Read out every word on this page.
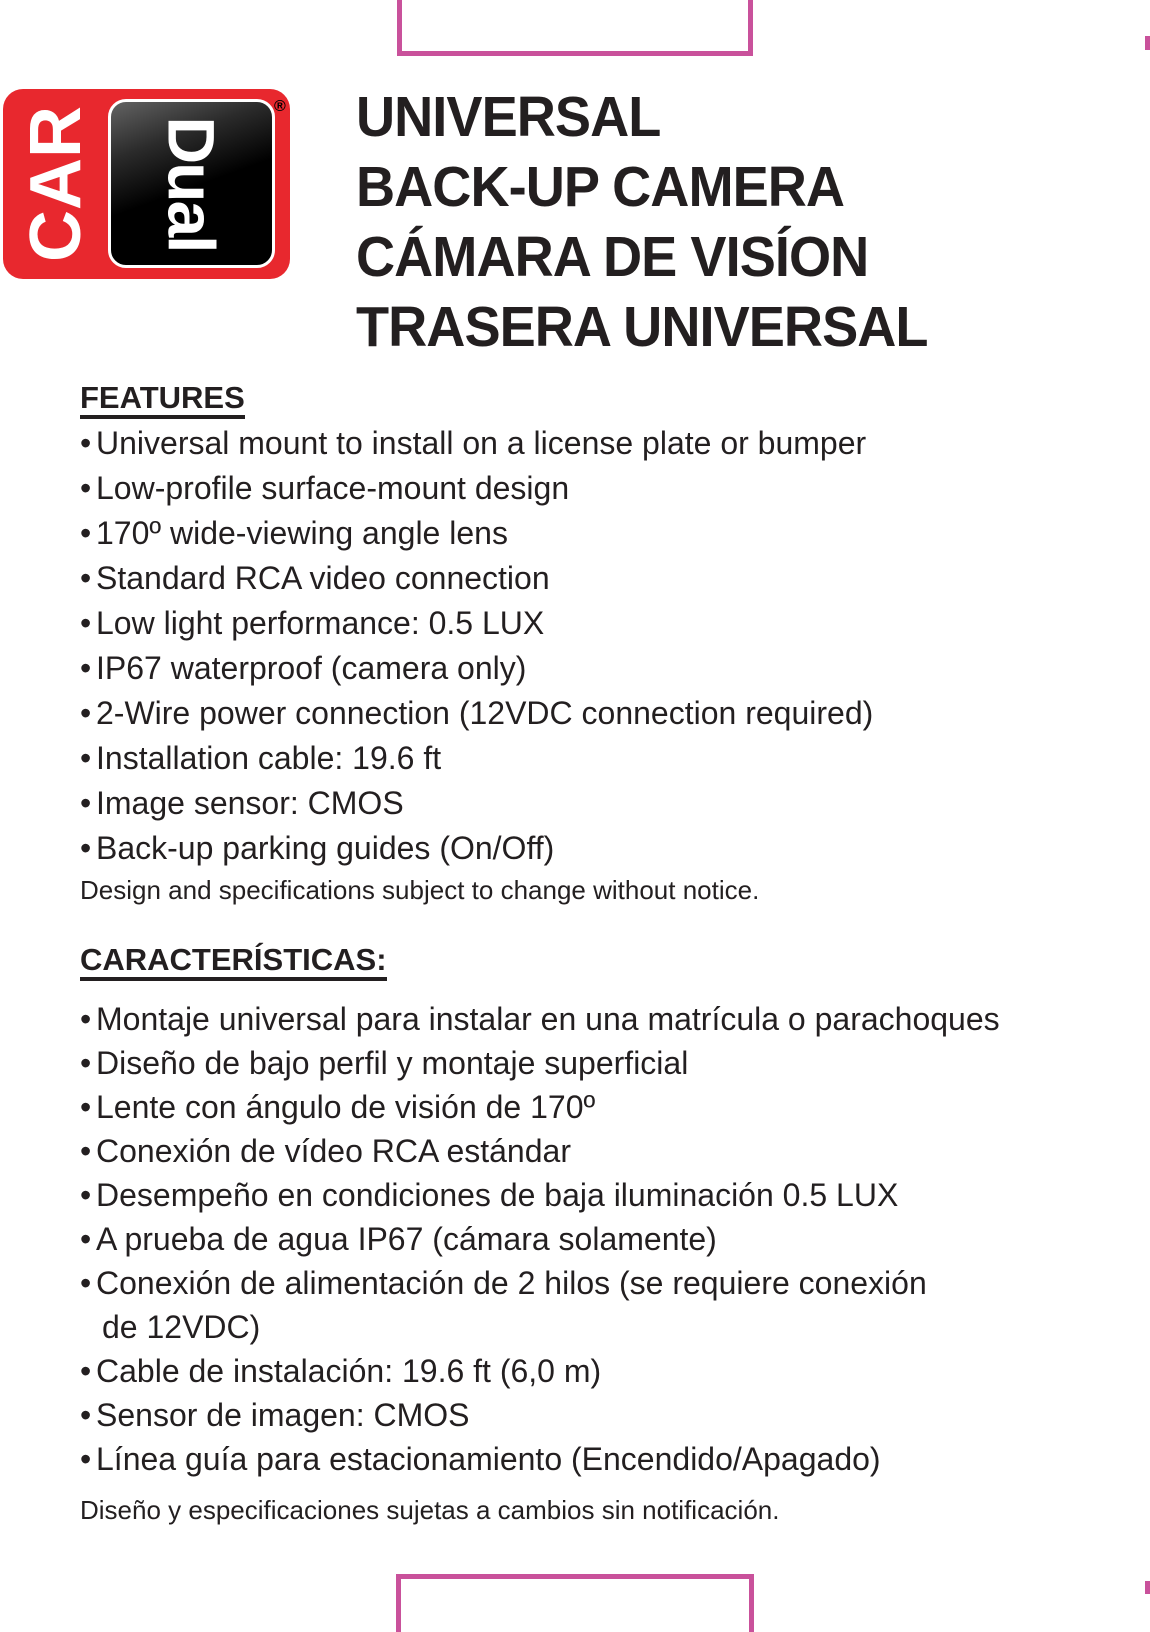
CAR Dual
® UNIVERSAL
BACK-UP CAMERA
CÁMARA DE VISÍON
TRASERA UNIVERSAL
FEATURES
• Universal mount to install on a license plate or bumper
• Low-profile surface-mount design
• 170º wide-viewing angle lens
• Standard RCA video connection
• Low light performance: 0.5 LUX
• IP67 waterproof (camera only)
• 2-Wire power connection (12VDC connection required)
• Installation cable: 19.6 ft
• Image sensor: CMOS
• Back-up parking guides (On/Off)
Design and specifications subject to change without notice.
CARACTERÍSTICAS:
• Montaje universal para instalar en una matrícula o parachoques
• Diseño de bajo perfil y montaje superficial
• Lente con ángulo de visión de 170º
• Conexión de vídeo RCA estándar
• Desempeño en condiciones de baja iluminación 0.5 LUX
• A prueba de agua IP67 (cámara solamente)
• Conexión de alimentación de 2 hilos (se requiere conexión
de 12VDC)
• Cable de instalación: 19.6 ft (6,0 m)
• Sensor de imagen: CMOS
• Línea guía para estacionamiento (Encendido/Apagado)
Diseño y especificaciones sujetas a cambios sin notificación.
